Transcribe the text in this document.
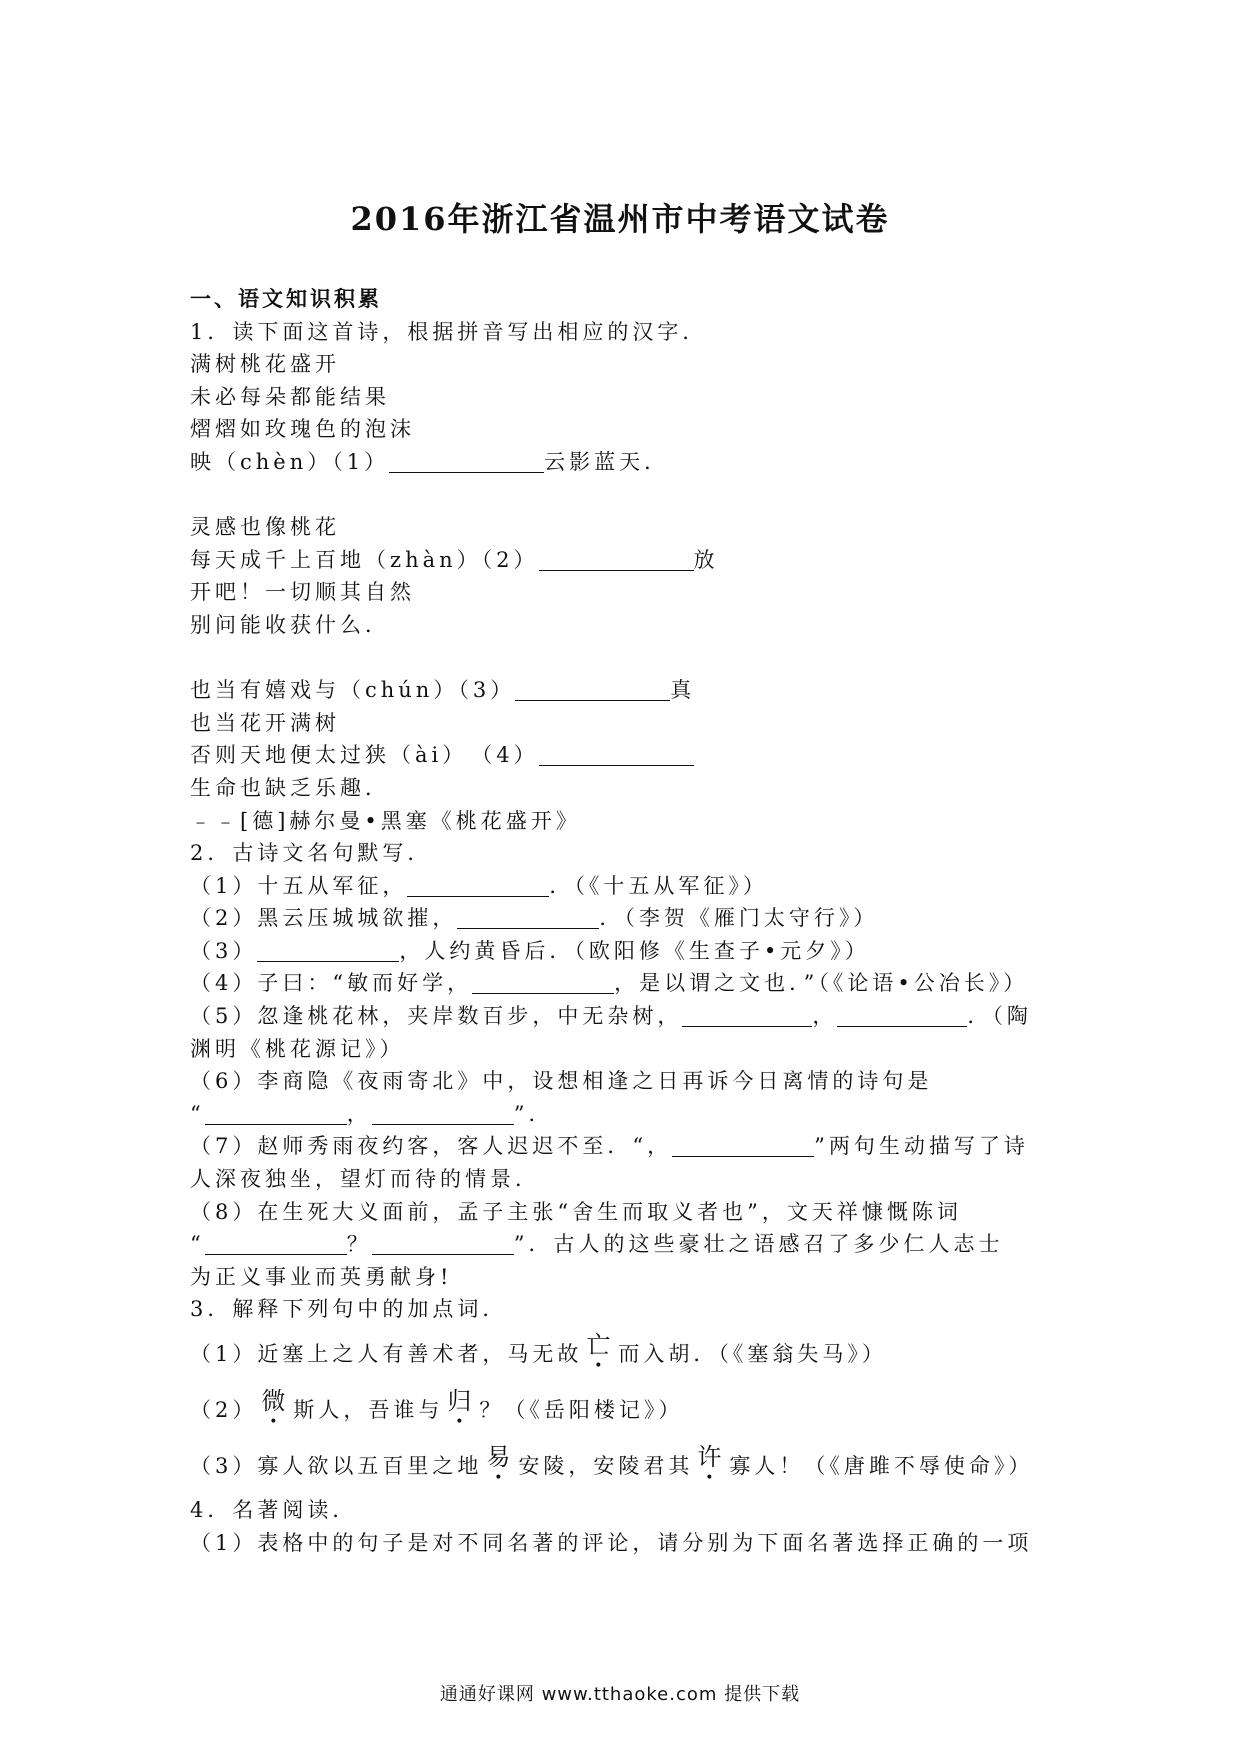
2016年浙江省温州市中考语文试卷
一、语文知识积累
1．读下面这首诗，根据拼音写出相应的汉字．
满树桃花盛开
未必每朵都能结果
熠熠如玫瑰色的泡沫
映（chèn）（1）	云影蓝天．
灵感也像桃花
每天成千上百地（zhàn）（2）	放
开吧！一切顺其自然
别问能收获什么．
也当有嬉戏与（chún）（3）	真
也当花开满树
否则天地便太过狭（ài）　（4）
生命也缺乏乐趣．
﹣﹣[德]赫尔曼•黑塞《桃花盛开》
2．古诗文名句默写．
（1）十五从军征，	．（《十五从军征》）
（2）黑云压城城欲摧，	．（李贺《雁门太守行》）
（3）	，人约黄昏后．（欧阳修《生查子•元夕》）
（4）子曰：“敏而好学，	，是以谓之文也．”（《论语•公冶长》）
（5）忽逢桃花林，夹岸数百步，中无杂树，	，	．（陶
渊明《桃花源记》）
（6）李商隐《夜雨寄北》中，设想相逢之日再诉今日离情的诗句是
“	，	”．
（7）赵师秀雨夜约客，客人迟迟不至．“，	”两句生动描写了诗
人深夜独坐，望灯而待的情景．
（8）在生死大义面前，孟子主张“舍生而取义者也”，文天祥慷慨陈词
“	？	”．古人的这些豪壮之语感召了多少仁人志士
为正义事业而英勇献身!
3．解释下列句中的加点词．
（1）近塞上之人有善术者，马无故 亡 而入胡．（《塞翁失马》）
（2） 微 斯人，吾谁与 归 ？（《岳阳楼记》）
（3）寡人欲以五百里之地 易 安陵，安陵君其 许 寡人！（《唐雎不辱使命》）
4．名著阅读．
（1）表格中的句子是对不同名著的评论，请分别为下面名著选择正确的一项
通通好课网 www.tthaoke.com 提供下载
